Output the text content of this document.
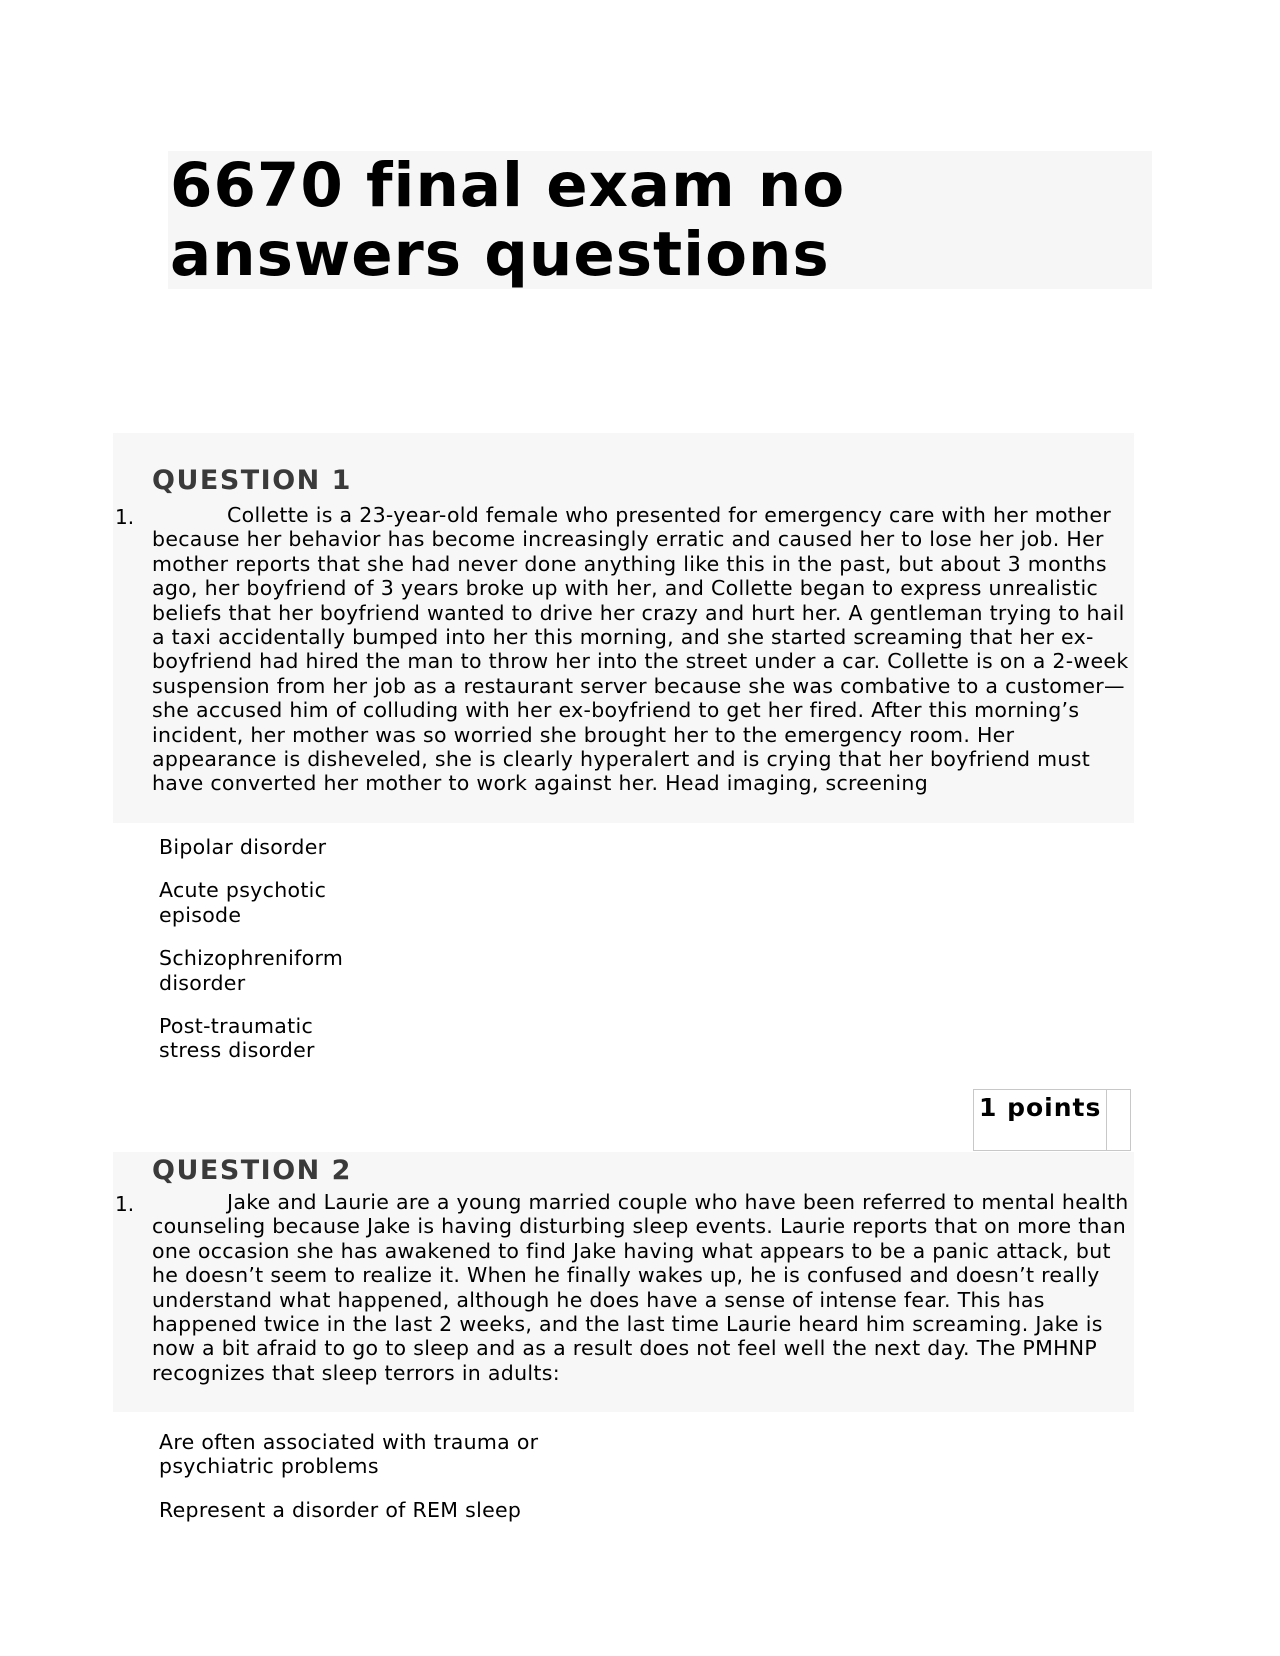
6670 final exam no answers questions
QUESTION 1
1.	Collette is a 23-year-old female who presented for emergency care with her mother because her behavior has become increasingly erratic and caused her to lose her job. Her mother reports that she had never done anything like this in the past, but about 3 months ago, her boyfriend of 3 years broke up with her, and Collette began to express unrealistic beliefs that her boyfriend wanted to drive her crazy and hurt her. A gentleman trying to hail a taxi accidentally bumped into her this morning, and she started screaming that her ex- boyfriend had hired the man to throw her into the street under a car. Collette is on a 2-week suspension from her job as a restaurant server because she was combative to a customer— she accused him of colluding with her ex-boyfriend to get her fired. After this morning’s incident, her mother was so worried she brought her to the emergency room. Her appearance is disheveled, she is clearly hyperalert and is crying that her boyfriend must have converted her mother to work against her. Head imaging, screening

Bipolar disorder
Acute psychotic episode
Schizophreniform disorder
Post-traumatic stress disorder

1 points

QUESTION 2
1.	Jake and Laurie are a young married couple who have been referred to mental health counseling because Jake is having disturbing sleep events. Laurie reports that on more than one occasion she has awakened to find Jake having what appears to be a panic attack, but he doesn’t seem to realize it. When he finally wakes up, he is confused and doesn’t really understand what happened, although he does have a sense of intense fear. This has happened twice in the last 2 weeks, and the last time Laurie heard him screaming. Jake is now a bit afraid to go to sleep and as a result does not feel well the next day. The PMHNP recognizes that sleep terrors in adults:

Are often associated with trauma or psychiatric problems
Represent a disorder of REM sleep
